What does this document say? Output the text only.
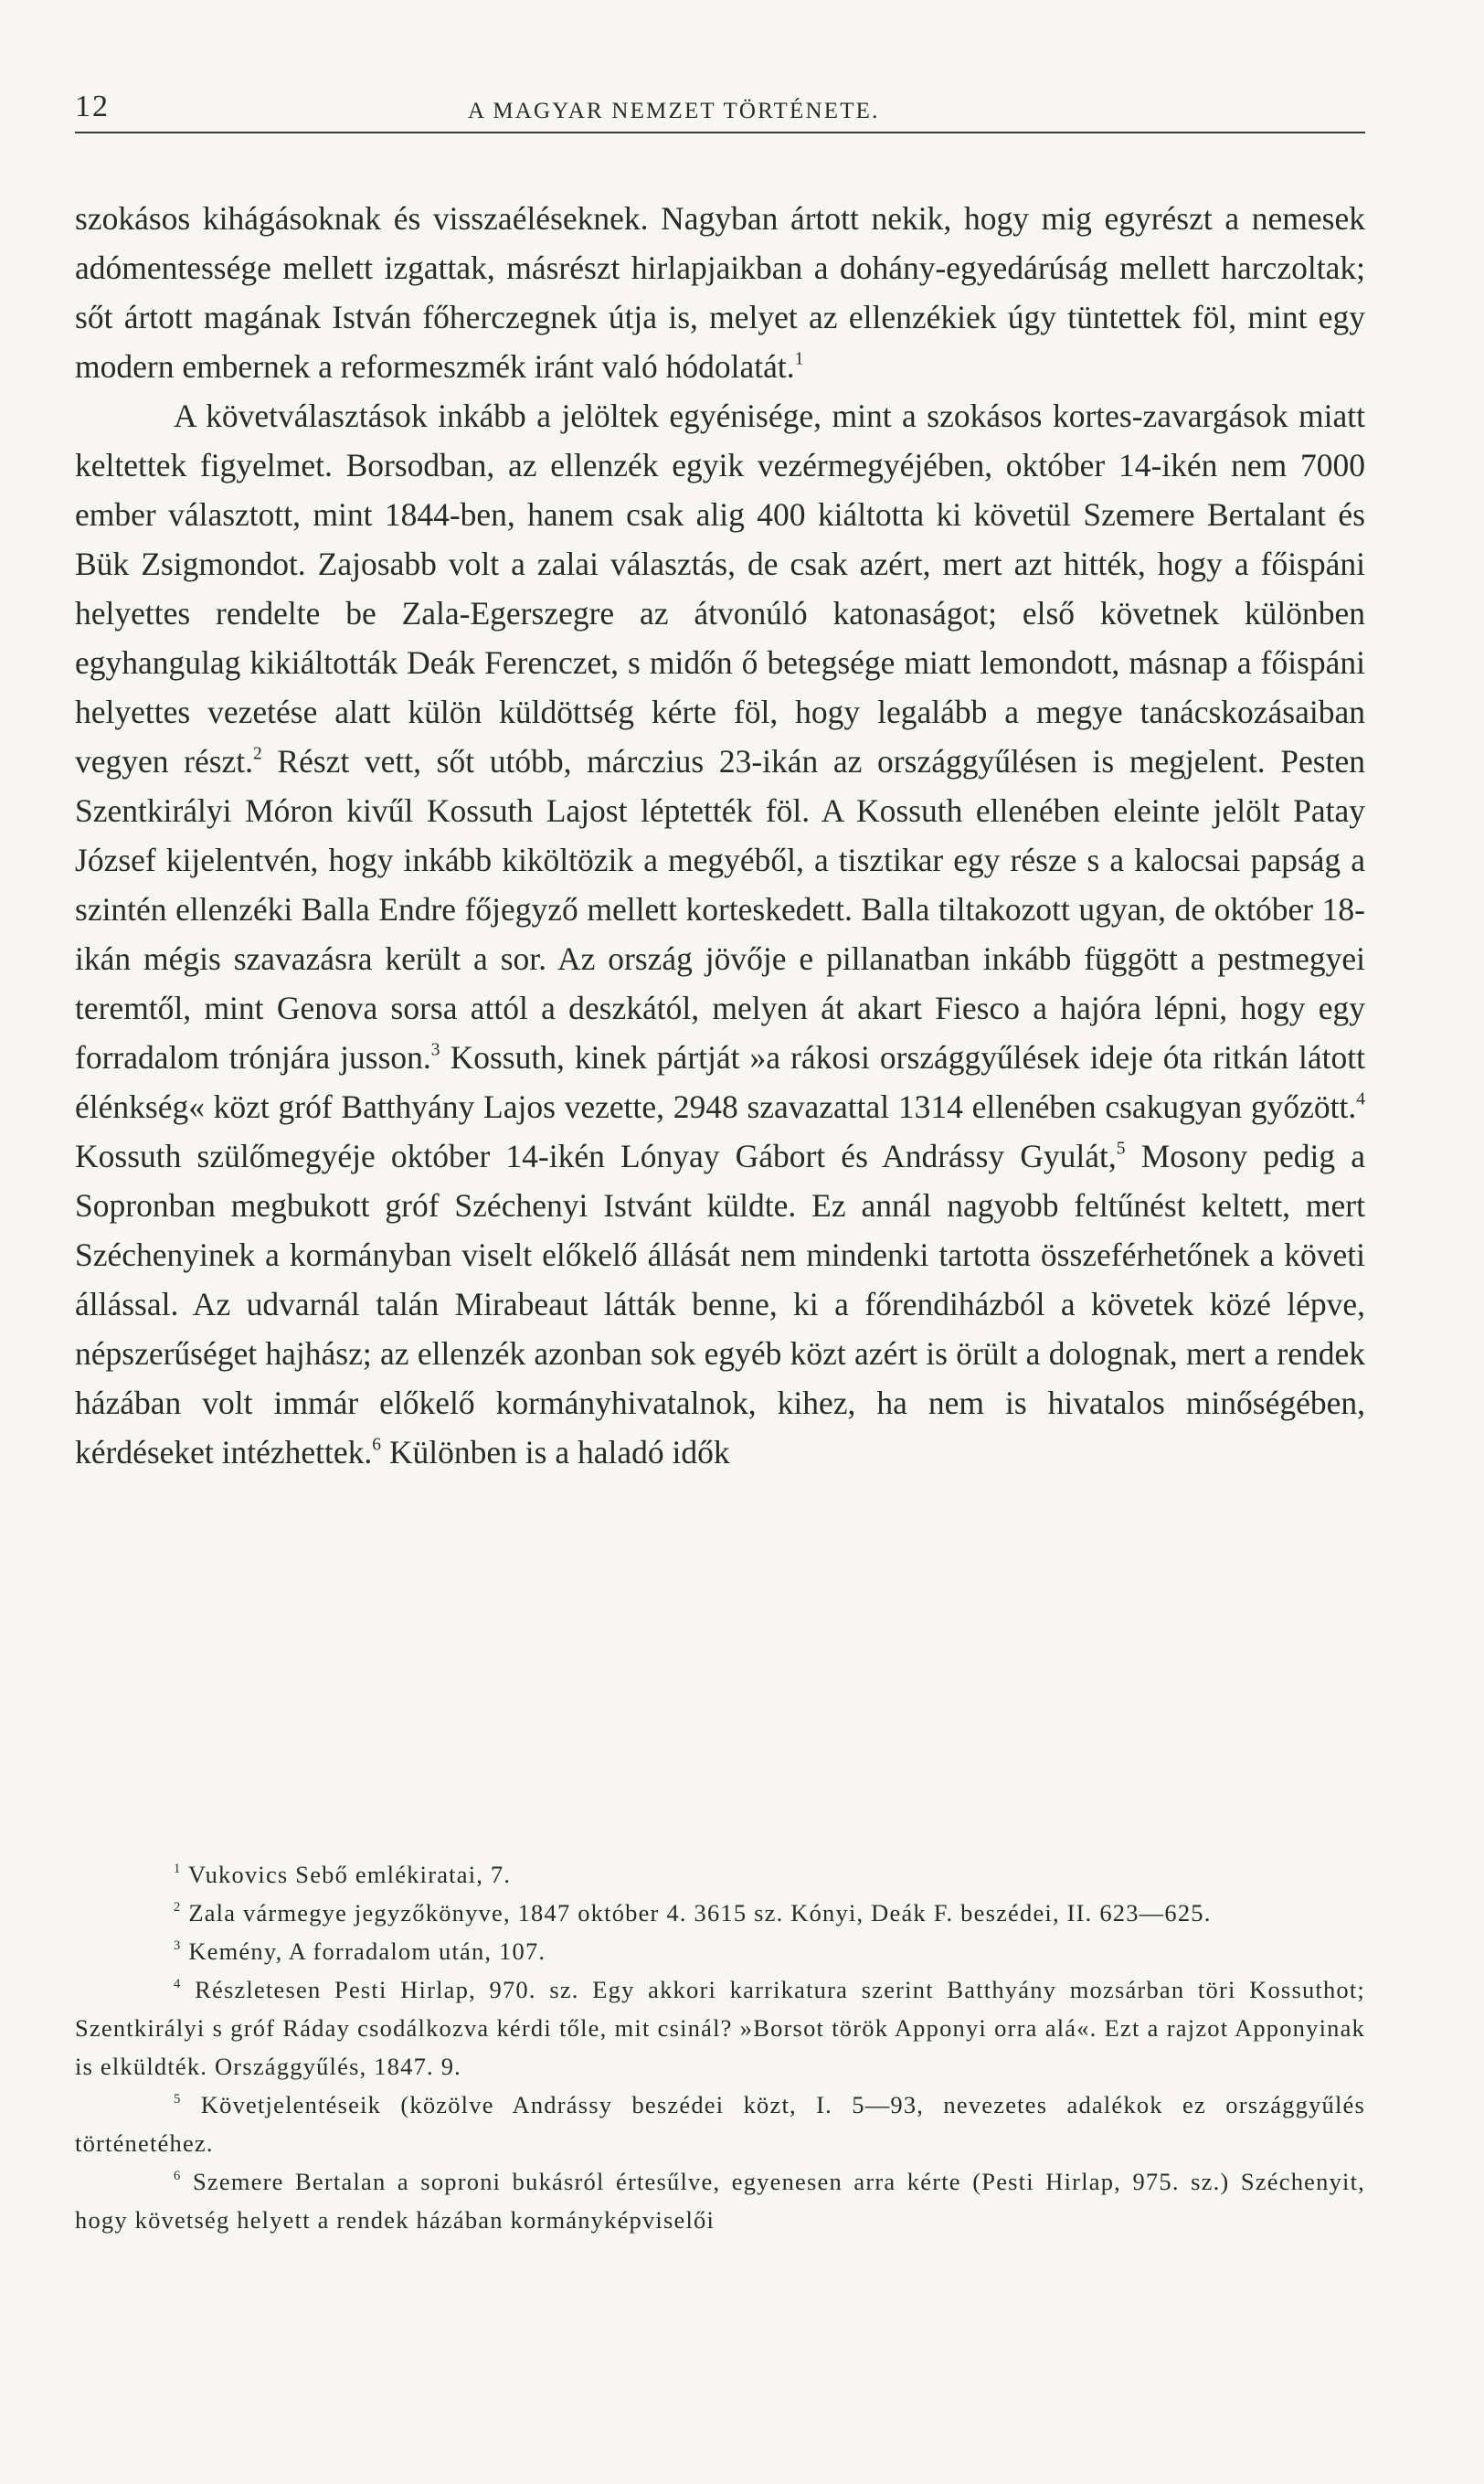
12	A MAGYAR NEMZET TÖRTÉNETE.

szokásos kihágásoknak és visszaéléseknek. Nagyban ártott nekik, hogy mig egyrészt a nemesek adómentessége mellett izgattak, másrészt hirlapjaikban a dohány-egyedárúság mellett harczoltak; sőt ártott magának István főherczegnek útja is, melyet az ellenzékiek úgy tüntettek föl, mint egy modern embernek a reformeszmék iránt való hódolatát.$^1$

A követválasztások inkább a jelöltek egyénisége, mint a szokásos kortes-zavargások miatt keltettek figyelmet. Borsodban, az ellenzék egyik vezérmegyéjében, október 14-ikén nem 7000 ember választott, mint 1844-ben, hanem csak alig 400 kiáltotta ki követül Szemere Bertalant és Bük Zsigmondot. Zajosabb volt a zalai választás, de csak azért, mert azt hitték, hogy a főispáni helyettes rendelte be Zala-Egerszegre az átvonúló katonaságot; első követnek különben egyhangulag kikiáltották Deák Ferenczet, s midőn ő betegsége miatt lemondott, másnap a főispáni helyettes vezetése alatt külön küldöttség kérte föl, hogy legalább a megye tanácskozásaiban vegyen részt.$^2$ Részt vett, sőt utóbb, márczius 23-ikán az országgyűlésen is megjelent. Pesten Szentkirályi Móron kivűl Kossuth Lajost léptették föl. A Kossuth ellenében eleinte jelölt Patay József kijelentvén, hogy inkább kiköltözik a megyéből, a tisztikar egy része s a kalocsai papság a szintén ellenzéki Balla Endre főjegyző mellett korteskedett. Balla tiltakozott ugyan, de október 18-ikán mégis szavazásra került a sor. Az ország jövője e pillanatban inkább függött a pestmegyei teremtől, mint Genova sorsa attól a deszkától, melyen át akart Fiesco a hajóra lépni, hogy egy forradalom trónjára jusson.$^3$ Kossuth, kinek pártját »a rákosi országgyűlések ideje óta ritkán látott élénkség« közt gróf Batthyány Lajos vezette, 2948 szavazattal 1314 ellenében csakugyan győzött.$^4$ Kossuth szülőmegyéje október 14-ikén Lónyay Gábort és Andrássy Gyulát,$^5$ Mosony pedig a Sopronban megbukott gróf Széchenyi Istvánt küldte. Ez annál nagyobb feltűnést keltett, mert Széchenyinek a kormányban viselt előkelő állását nem mindenki tartotta összeférhetőnek a követi állással. Az udvarnál talán Mirabeaut látták benne, ki a főrendiházból a követek közé lépve, népszerűséget hajhász; az ellenzék azonban sok egyéb közt azért is örült a dolognak, mert a rendek házában volt immár előkelő kormányhivatalnok, kihez, ha nem is hivatalos minőségében, kérdéseket intézhettek.$^6$ Különben is a haladó idők

$^1$ Vukovics Sebő emlékiratai, 7.

$^2$ Zala vármegye jegyzőkönyve, 1847 október 4. 3615 sz. Kónyi, Deák F. beszédei, II. 623—625.

$^3$ Kemény, A forradalom után, 107.

$^4$ Részletesen Pesti Hirlap, 970. sz. Egy akkori karrikatura szerint Batthyány mozsárban töri Kossuthot; Szentkirályi s gróf Ráday csodálkozva kérdi tőle, mit csinál? »Borsot török Apponyi orra alá«. Ezt a rajzot Apponyinak is elküldték. Országgyűlés, 1847. 9.

$^5$ Követjelentéseik (közölve Andrássy beszédei közt, I. 5—93, nevezetes adalékok ez országgyűlés történetéhez.

$^6$ Szemere Bertalan a soproni bukásról értesűlve, egyenesen arra kérte (Pesti Hirlap, 975. sz.) Széchenyit, hogy követség helyett a rendek házában kormányképviselői
